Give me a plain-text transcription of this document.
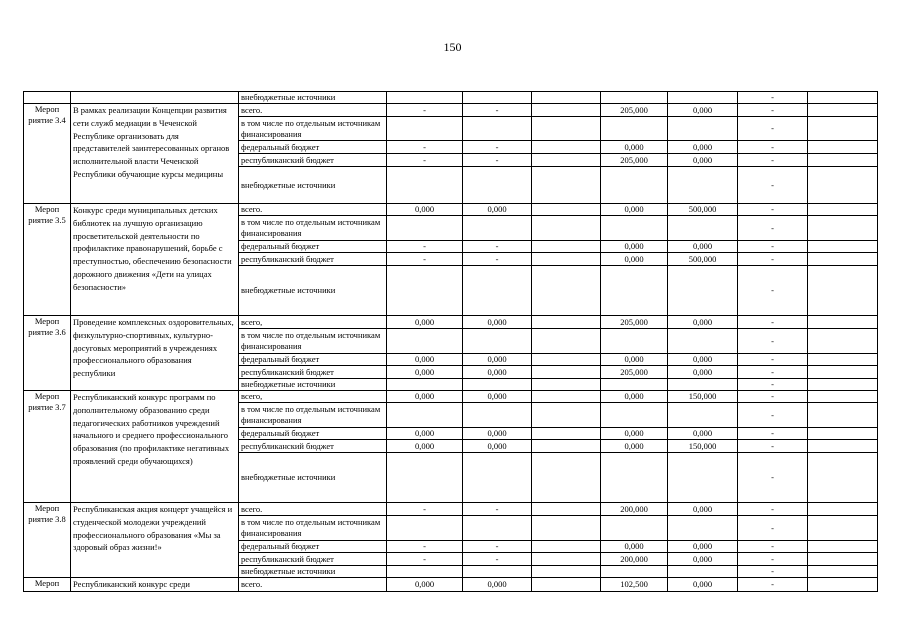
150
		внебюджетные источники						-	
Мероп риятие 3.4	В рамках реализации Концепции развития сети служб медиации в Чеченской Республике организовать для представителей заинтересованных органов исполнительной власти Чеченской Республики обучающие курсы медицины	всего.	-	-		205,000	0,000	-	
		в том числе по отдельным источникам финансирования						-	
		федеральный бюджет	-	-		0,000	0,000	-	
		республиканский бюджет	-	-		205,000	0,000	-	
		внебюджетные источники						-	
Мероп риятие 3.5	Конкурс среди муниципальных детских библиотек на лучшую организацию просветительской деятельности по профилактике правонарушений, борьбе с преступностью, обеспечению безопасности дорожного движения «Дети на улицах безопасности»	всего.	0,000	0,000		0,000	500,000	-	
		в том числе по отдельным источникам финансирования						-	
		федеральный бюджет	-	-		0,000	0,000	-	
		республиканский бюджет	-	-		0,000	500,000	-	
		внебюджетные источники						-	
Мероп риятие 3.6	Проведение комплексных оздоровительных, физкультурно-спортивных, культурно-досуговых мероприятий в учреждениях профессионального образования республики	всего,	0,000	0,000		205,000	0,000	-	
		в том числе по отдельным источникам финансирования						-	
		федеральный бюджет	0,000	0,000		0,000	0,000	-	
		республиканский бюджет	0,000	0,000		205,000	0,000	-	
		внебюджетные источники						-	
Мероп риятие 3.7	Республиканский конкурс программ по дополнительному образованию среди педагогических работников учреждений начального и среднего профессионального образования (по профилактике негативных проявлений среди обучающихся)	всего,	0,000	0,000		0,000	150,000	-	
		в том числе по отдельным источникам финансирования						-	
		федеральный бюджет	0,000	0,000		0,000	0,000	-	
		республиканский бюджет	0,000	0,000		0,000	150,000	-	
		внебюджетные источники						-	
Мероп риятие 3.8	Республиканская акция концерт учащейся и студенческой молодежи учреждений профессионального образования «Мы за здоровый образ жизни!»	всего.	-	-		200,000	0,000	-	
		в том числе по отдельным источникам финансирования						-	
		федеральный бюджет	-	-		0,000	0,000	-	
		республиканский бюджет	-	-		200,000	0,000	-	
		внебюджетные источники						-	
Мероп	Республиканский конкурс среди	всего.	0,000	0,000		102,500	0,000	-	
